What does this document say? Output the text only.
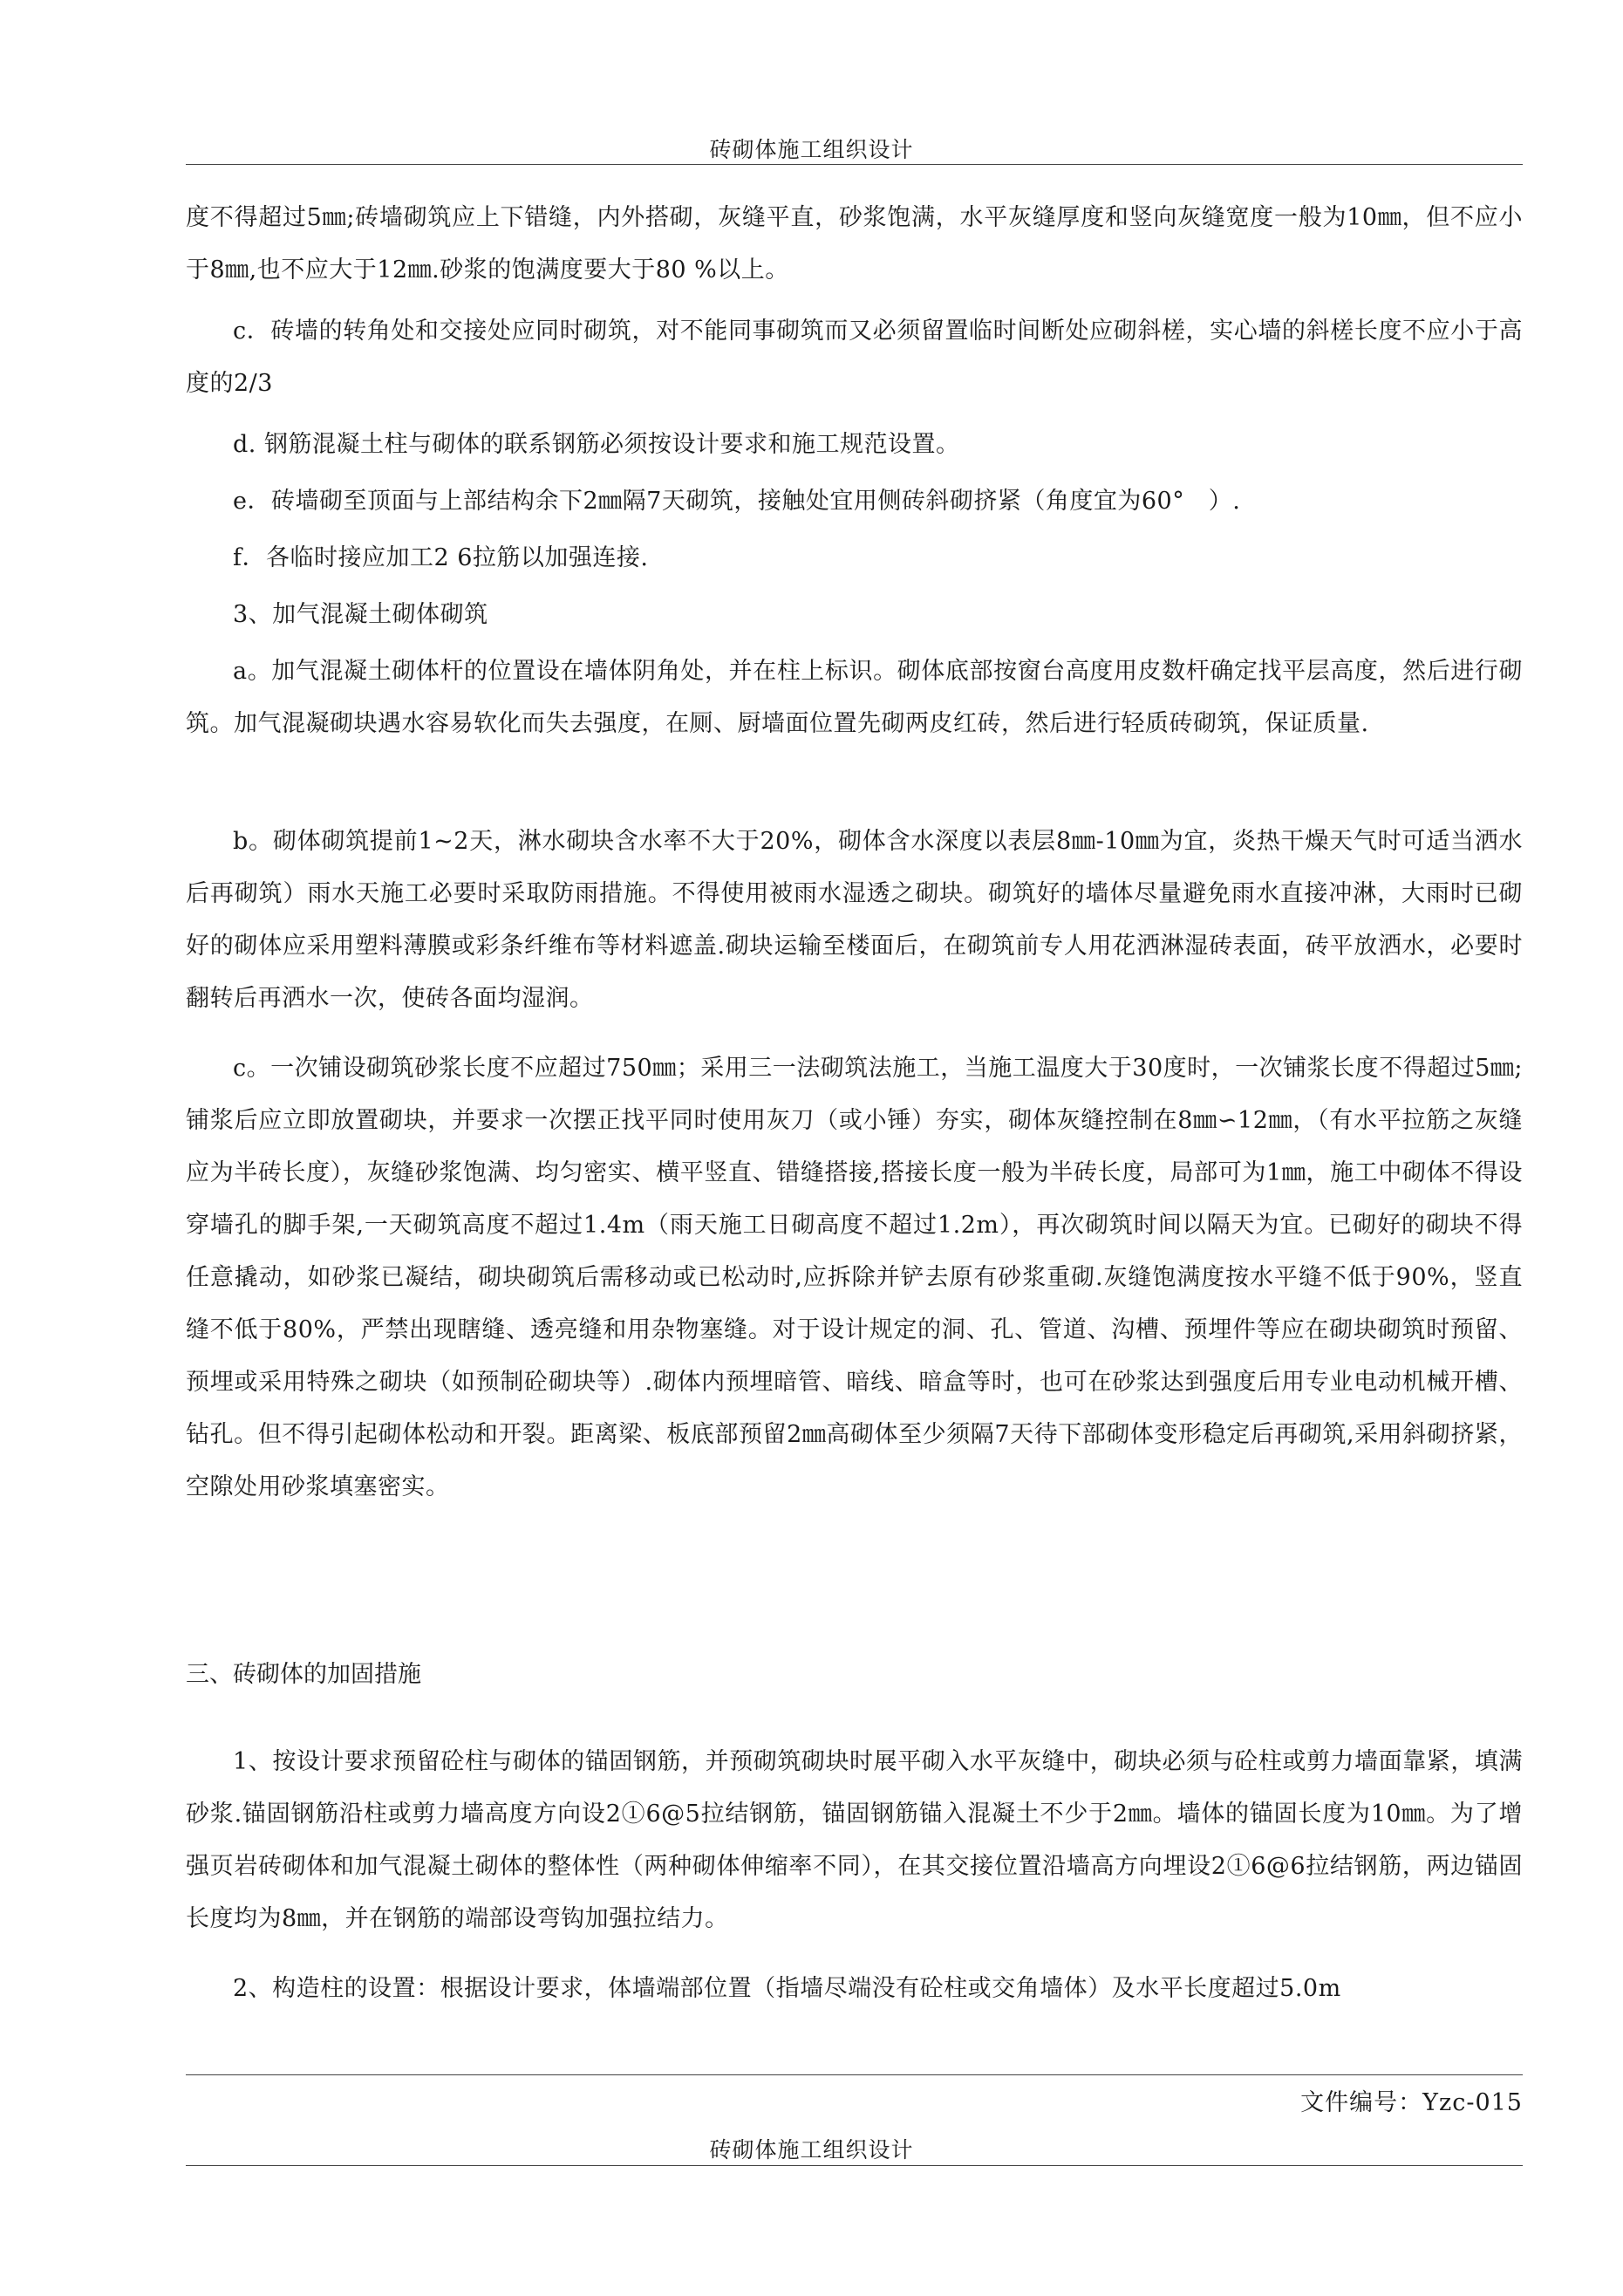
砖砌体施工组织设计
度不得超过5㎜;砖墙砌筑应上下错缝，内外搭砌，灰缝平直，砂浆饱满，水平灰缝厚度和竖向灰缝宽度一般为10㎜，但不应小于8㎜,也不应大于12㎜.砂浆的饱满度要大于80 %以上。
c．砖墙的转角处和交接处应同时砌筑，对不能同事砌筑而又必须留置临时间断处应砌斜槎，实心墙的斜槎长度不应小于高度的2/3
d. 钢筋混凝土柱与砌体的联系钢筋必须按设计要求和施工规范设置。
e．砖墙砌至顶面与上部结构余下2㎜隔7天砌筑，接触处宜用侧砖斜砌挤紧（角度宜为60°　）.
f．各临时接应加工2 6拉筋以加强连接.
3、加气混凝土砌体砌筑
a。加气混凝土砌体杆的位置设在墙体阴角处，并在柱上标识。砌体底部按窗台高度用皮数杆确定找平层高度，然后进行砌筑。加气混凝砌块遇水容易软化而失去强度，在厕、厨墙面位置先砌两皮红砖，然后进行轻质砖砌筑，保证质量.
b。砌体砌筑提前1~2天，淋水砌块含水率不大于20%，砌体含水深度以表层8㎜-10㎜为宜，炎热干燥天气时可适当洒水后再砌筑）雨水天施工必要时采取防雨措施。不得使用被雨水湿透之砌块。砌筑好的墙体尽量避免雨水直接冲淋，大雨时已砌好的砌体应采用塑料薄膜或彩条纤维布等材料遮盖.砌块运输至楼面后，在砌筑前专人用花洒淋湿砖表面，砖平放洒水，必要时翻转后再洒水一次，使砖各面均湿润。
c。一次铺设砌筑砂浆长度不应超过750㎜；采用三一法砌筑法施工，当施工温度大于30度时，一次铺浆长度不得超过5㎜;铺浆后应立即放置砌块，并要求一次摆正找平同时使用灰刀（或小锤）夯实，砌体灰缝控制在8㎜∽12㎜，（有水平拉筋之灰缝应为半砖长度），灰缝砂浆饱满、均匀密实、横平竖直、错缝搭接,搭接长度一般为半砖长度，局部可为1㎜，施工中砌体不得设穿墙孔的脚手架,一天砌筑高度不超过1.4m（雨天施工日砌高度不超过1.2m），再次砌筑时间以隔天为宜。已砌好的砌块不得任意撬动，如砂浆已凝结，砌块砌筑后需移动或已松动时,应拆除并铲去原有砂浆重砌.灰缝饱满度按水平缝不低于90%，竖直缝不低于80%，严禁出现瞎缝、透亮缝和用杂物塞缝。对于设计规定的洞、孔、管道、沟槽、预埋件等应在砌块砌筑时预留、预埋或采用特殊之砌块（如预制砼砌块等）.砌体内预埋暗管、暗线、暗盒等时，也可在砂浆达到强度后用专业电动机械开槽、钻孔。但不得引起砌体松动和开裂。距离梁、板底部预留2㎜高砌体至少须隔7天待下部砌体变形稳定后再砌筑,采用斜砌挤紧，空隙处用砂浆填塞密实。
三、砖砌体的加固措施
1、按设计要求预留砼柱与砌体的锚固钢筋，并预砌筑砌块时展平砌入水平灰缝中，砌块必须与砼柱或剪力墙面靠紧，填满砂浆.锚固钢筋沿柱或剪力墙高度方向设2①6@5拉结钢筋，锚固钢筋锚入混凝土不少于2㎜。墙体的锚固长度为10㎜。为了增强页岩砖砌体和加气混凝土砌体的整体性（两种砌体伸缩率不同），在其交接位置沿墙高方向埋设2①6@6拉结钢筋，两边锚固长度均为8㎜，并在钢筋的端部设弯钩加强拉结力。
2、构造柱的设置：根据设计要求，体墙端部位置（指墙尽端没有砼柱或交角墙体）及水平长度超过5.0m
文件编号：Yzc-015
砖砌体施工组织设计
